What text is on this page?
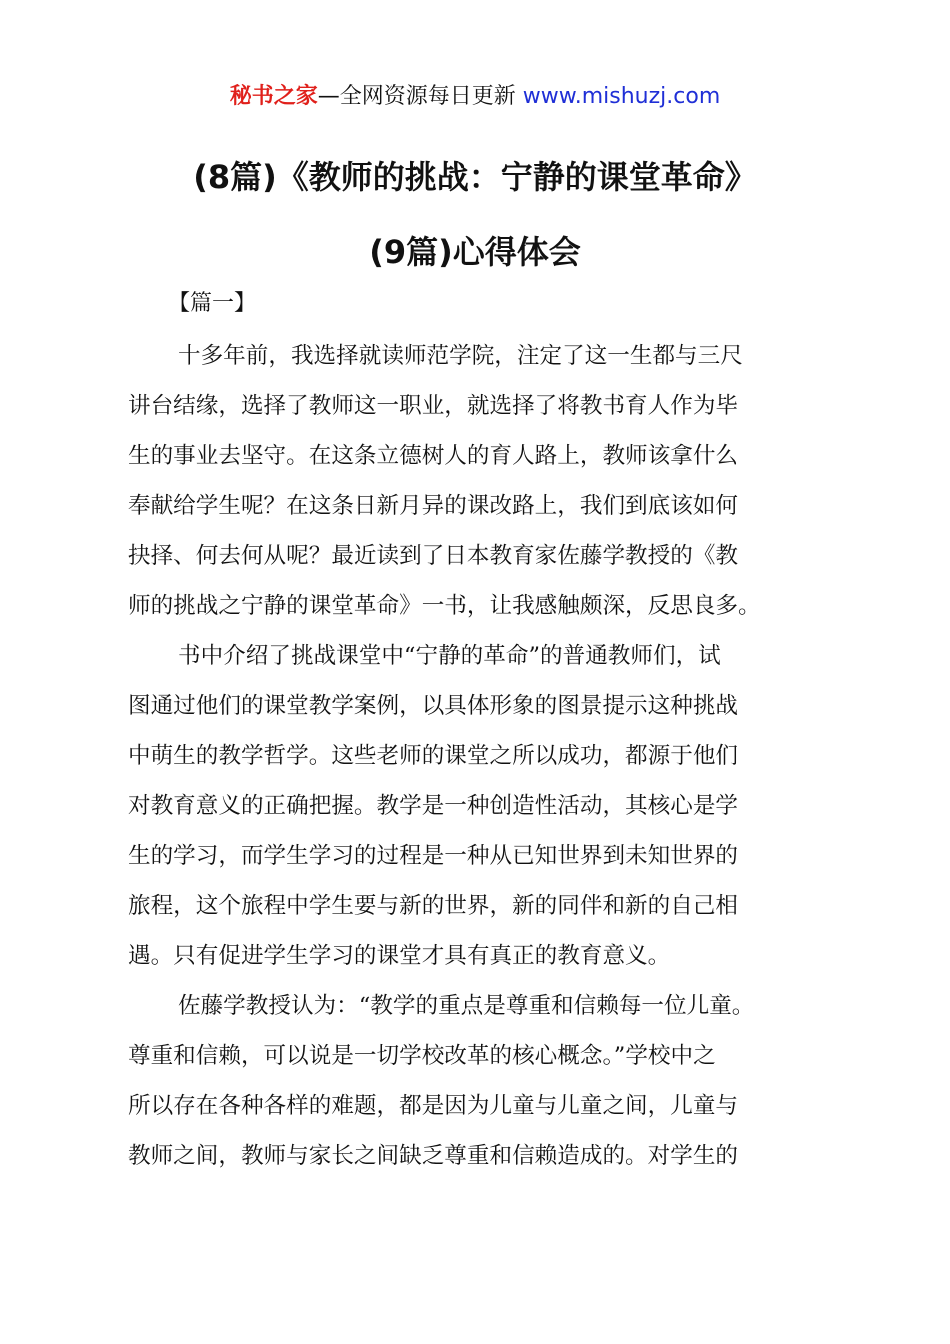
秘书之家—全网资源每日更新 www.mishuzj.com
(8篇)《教师的挑战：宁静的课堂革命》
(9篇)心得体会
【篇一】
十多年前，我选择就读师范学院，注定了这一生都与三尺
讲台结缘，选择了教师这一职业，就选择了将教书育人作为毕
生的事业去坚守。在这条立德树人的育人路上，教师该拿什么
奉献给学生呢？在这条日新月异的课改路上，我们到底该如何
抉择、何去何从呢？最近读到了日本教育家佐藤学教授的《教
师的挑战之宁静的课堂革命》一书，让我感触颇深，反思良多。
书中介绍了挑战课堂中“宁静的革命”的普通教师们，试
图通过他们的课堂教学案例，以具体形象的图景提示这种挑战
中萌生的教学哲学。这些老师的课堂之所以成功，都源于他们
对教育意义的正确把握。教学是一种创造性活动，其核心是学
生的学习，而学生学习的过程是一种从已知世界到未知世界的
旅程，这个旅程中学生要与新的世界，新的同伴和新的自己相
遇。只有促进学生学习的课堂才具有真正的教育意义。
佐藤学教授认为：“教学的重点是尊重和信赖每一位儿童。
尊重和信赖，可以说是一切学校改革的核心概念。”学校中之
所以存在各种各样的难题，都是因为儿童与儿童之间，儿童与
教师之间，教师与家长之间缺乏尊重和信赖造成的。对学生的
